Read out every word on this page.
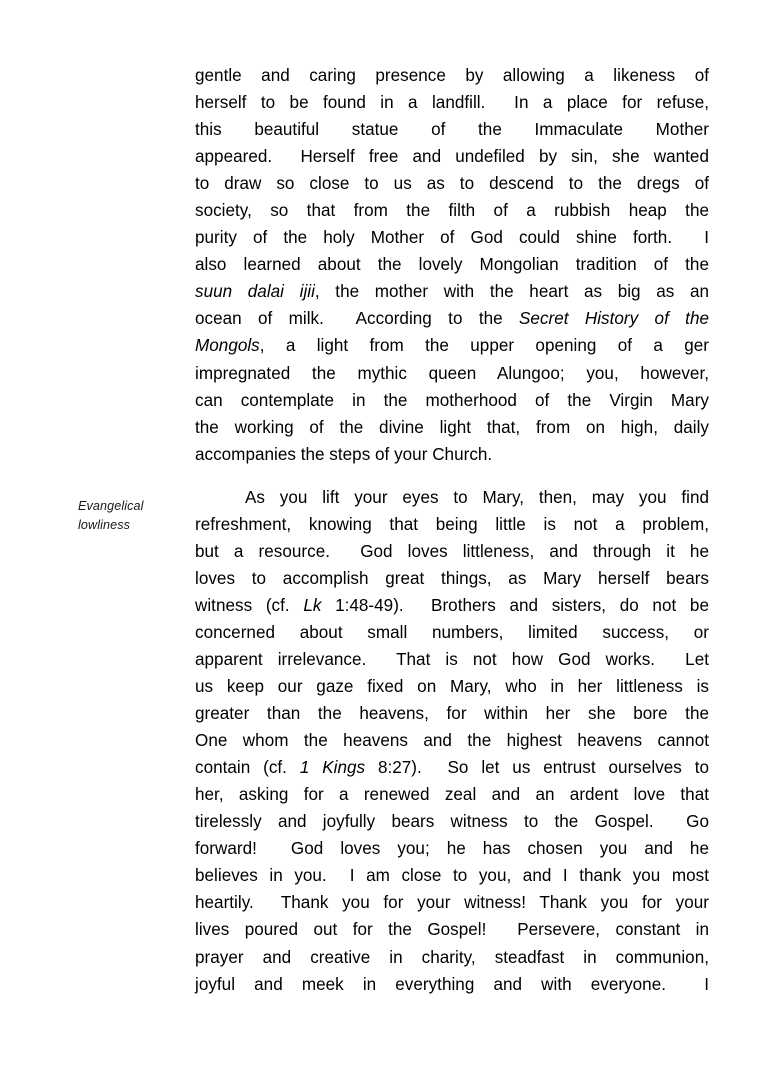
Evangelical
lowliness

gentle and caring presence by allowing a likeness of
herself to be found in a landfill.  In a place for refuse,
this beautiful statue of the Immaculate Mother
appeared.  Herself free and undefiled by sin, she wanted
to draw so close to us as to descend to the dregs of
society, so that from the filth of a rubbish heap the
purity of the holy Mother of God could shine forth.  I
also learned about the lovely Mongolian tradition of the
suun dalai ijii, the mother with the heart as big as an
ocean of milk.  According to the Secret History of the
Mongols, a light from the upper opening of a ger
impregnated the mythic queen Alungoo; you, however,
can contemplate in the motherhood of the Virgin Mary
the working of the divine light that, from on high, daily
accompanies the steps of your Church.

As you lift your eyes to Mary, then, may you find
refreshment, knowing that being little is not a problem,
but a resource.  God loves littleness, and through it he
loves to accomplish great things, as Mary herself bears
witness (cf. Lk 1:48-49).  Brothers and sisters, do not be
concerned about small numbers, limited success, or
apparent irrelevance.  That is not how God works.  Let
us keep our gaze fixed on Mary, who in her littleness is
greater than the heavens, for within her she bore the
One whom the heavens and the highest heavens cannot
contain (cf. 1 Kings 8:27).  So let us entrust ourselves to
her, asking for a renewed zeal and an ardent love that
tirelessly and joyfully bears witness to the Gospel.  Go
forward!  God loves you; he has chosen you and he
believes in you.  I am close to you, and I thank you most
heartily.  Thank you for your witness! Thank you for your
lives poured out for the Gospel!  Persevere, constant in
prayer and creative in charity, steadfast in communion,
joyful and meek in everything and with everyone.  I
